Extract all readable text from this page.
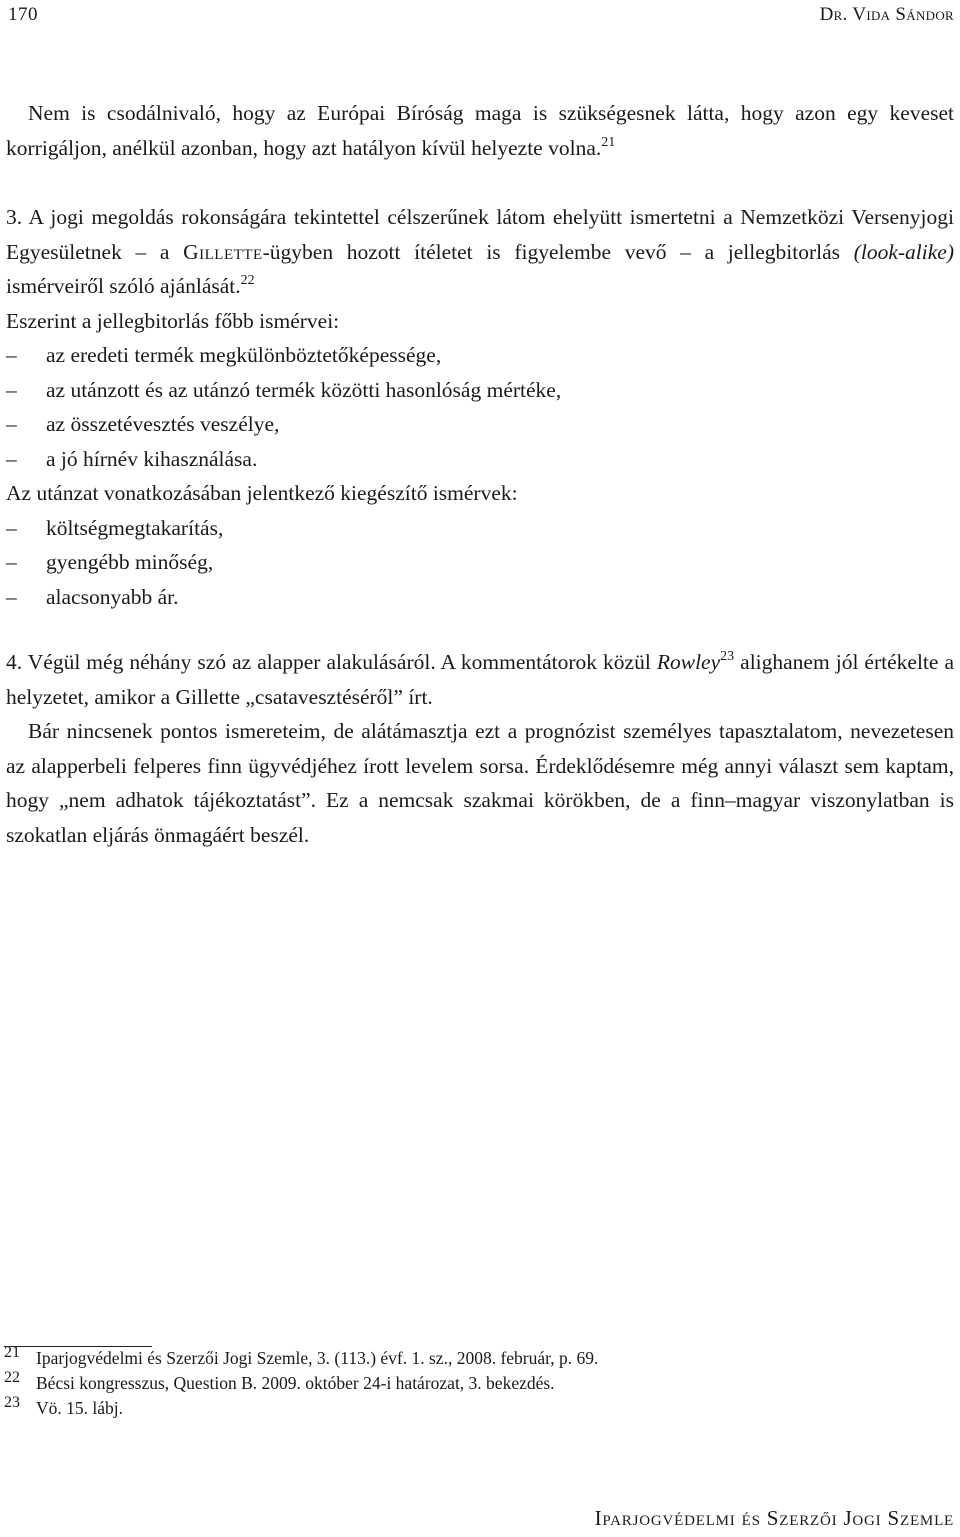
170	Dr. Vida Sándor

Nem is csodálnivaló, hogy az Európai Bíróság maga is szükségesnek látta, hogy azon egy keveset korrigáljon, anélkül azonban, hogy azt hatályon kívül helyezte volna.$^{21}$

3. A jogi megoldás rokonságára tekintettel célszerűnek látom ehelyütt ismertetni a Nemzetközi Versenyjogi Egyesületnek – a Gillette-ügyben hozott ítéletet is figyelembe vevő – a jellegbitorlás (look-alike) ismérveiről szóló ajánlását.$^{22}$

Eszerint a jellegbitorlás főbb ismérvei:

– az eredeti termék megkülönböztetőképessége,
– az utánzott és az utánzó termék közötti hasonlóság mértéke,
– az összetévesztés veszélye,
– a jó hírnév kihasználása.

Az utánzat vonatkozásában jelentkező kiegészítő ismérvek:

– költségmegtakarítás,
– gyengébb minőség,
– alacsonyabb ár.

4. Végül még néhány szó az alapper alakulásáról. A kommentátorok közül Rowley$^{23}$ alighanem jól értékelte a helyzetet, amikor a Gillette „csatavesztéséről” írt.

Bár nincsenek pontos ismereteim, de alátámasztja ezt a prognózist személyes tapasztalatom, nevezetesen az alapperbeli felperes finn ügyvédjéhez írott levelem sorsa. Érdeklődésemre még annyi választ sem kaptam, hogy „nem adhatok tájékoztatást”. Ez a nemcsak szakmai körökben, de a finn–magyar viszonylatban is szokatlan eljárás önmagáért beszél.

21 Iparjogvédelmi és Szerzői Jogi Szemle, 3. (113.) évf. 1. sz., 2008. február, p. 69.
22 Bécsi kongresszus, Question B. 2009. október 24-i határozat, 3. bekezdés.
23 Vö. 15. lábj.
Iparjogvédelmi és Szerzői Jogi Szemle
